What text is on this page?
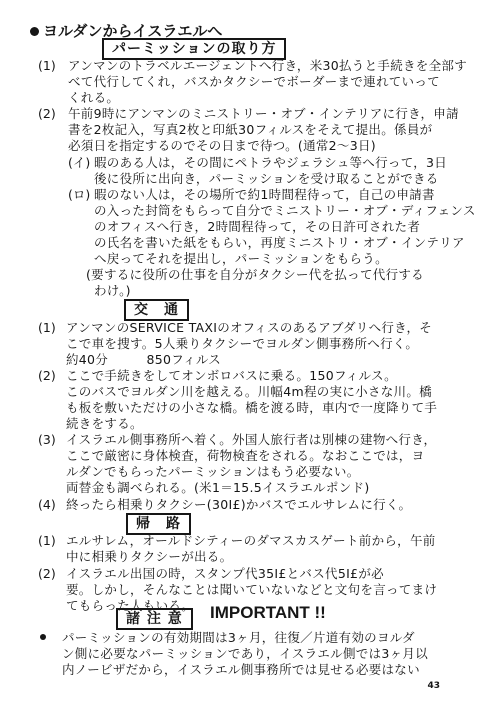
ヨルダンからイスラエルへ
パーミッションの取り方
(1) アンマンのトラベルエージェントへ行き，米30払うと手続きを全部す
べて代行してくれ，バスかタクシーでボーダーまで連れていって
くれる。
(2) 午前9時にアンマンのミニストリー・オブ・インテリアに行き，申請
書を2枚記入，写真2枚と印紙30フィルスをそえて提出。係員が
必須日を指定するのでその日まで待つ。(通常2～3日)
(イ) 暇のある人は，その間にペトラやジェラシュ等へ行って，3日
後に役所に出向き，パーミッションを受け取ることができる
(ロ) 暇のない人は，その場所で約1時間程待って，自己の申請書
の入った封筒をもらって自分でミニストリー・オブ・ディフェンス
のオフィスへ行き，2時間程待って，その日許可された者
の氏名を書いた紙をもらい，再度ミニストリ・オブ・インテリア
へ戻ってそれを提出し，パーミッションをもらう。
(要するに役所の仕事を自分がタクシー代を払って代行する
わけ。)
交　通
(1) アンマンのSERVICE TAXIのオフィスのあるアブダリへ行き，そ
こで車を捜す。5人乗りタクシーでヨルダン側事務所へ行く。
約40分　　　850フィルス
(2) ここで手続きをしてオンボロバスに乗る。150フィルス。
このバスでヨルダン川を越える。川幅4m程の実に小さな川。橋
も板を敷いただけの小さな橋。橋を渡る時，車内で一度降りて手
続きをする。
(3) イスラエル側事務所へ着く。外国人旅行者は別棟の建物へ行き，
ここで厳密に身体検査，荷物検査をされる。なおここでは，ヨ
ルダンでもらったパーミッションはもう必要ない。
両替金も調べられる。(米1＝15.5イスラエルポンド)
(4) 終ったら相乗りタクシー(30I£)かバスでエルサレムに行く。
帰　路
(1) エルサレム，オールドシティーのダマスカスゲート前から，午前
中に相乗りタクシーが出る。
(2) イスラエル出国の時，スタンプ代35I£とバス代5I£が必
要。しかし，そんなことは聞いていないなどと文句を言ってまけ
てもらった人もいる。
諸 注 意	IMPORTANT !!
パーミッションの有効期間は3ヶ月，往復／片道有効のヨルダ
ン側に必要なパーミッションであり，イスラエル側では3ヶ月以
内ノービザだから，イスラエル側事務所では見せる必要はない
43
